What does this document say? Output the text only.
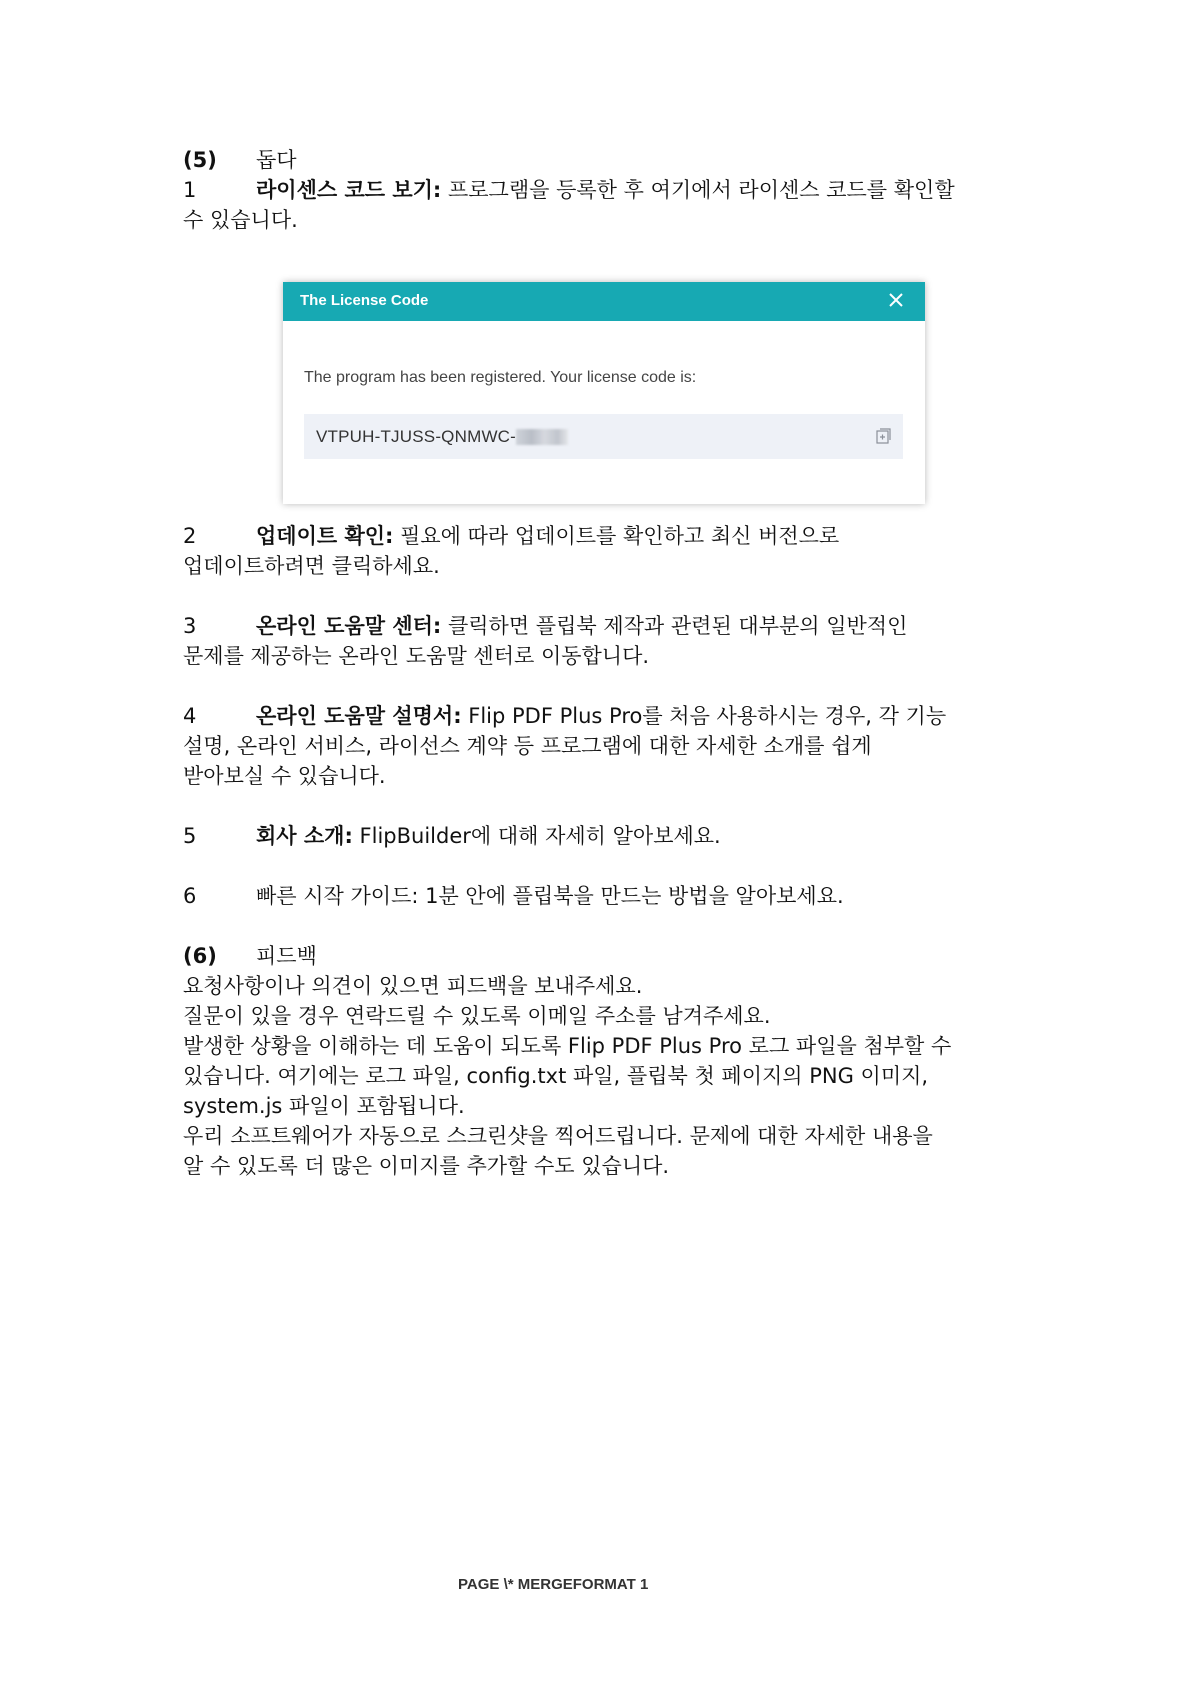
(5) 돕다

1	라이센스 코드 보기: 프로그램을 등록한 후 여기에서 라이센스 코드를 확인할
수 있습니다.

2	업데이트 확인: 필요에 따라 업데이트를 확인하고 최신 버전으로
업데이트하려면 클릭하세요.

3	온라인 도움말 센터: 클릭하면 플립북 제작과 관련된 대부분의 일반적인
문제를 제공하는 온라인 도움말 센터로 이동합니다.

4	온라인 도움말 설명서: Flip PDF Plus Pro를 처음 사용하시는 경우, 각 기능
설명, 온라인 서비스, 라이선스 계약 등 프로그램에 대한 자세한 소개를 쉽게
받아보실 수 있습니다.

5	회사 소개: FlipBuilder에 대해 자세히 알아보세요.

6	빠른 시작 가이드: 1분 안에 플립북을 만드는 방법을 알아보세요.

(6) 피드백

요청사항이나 의견이 있으면 피드백을 보내주세요.
질문이 있을 경우 연락드릴 수 있도록 이메일 주소를 남겨주세요.
발생한 상황을 이해하는 데 도움이 되도록 Flip PDF Plus Pro 로그 파일을 첨부할 수
있습니다. 여기에는 로그 파일, config.txt 파일, 플립북 첫 페이지의 PNG 이미지,
system.js 파일이 포함됩니다.
우리 소프트웨어가 자동으로 스크린샷을 찍어드립니다. 문제에 대한 자세한 내용을
알 수 있도록 더 많은 이미지를 추가할 수도 있습니다.

The License Code
The program has been registered. Your license code is:
VTPUH-TJUSS-QNMWC-
PAGE \* MERGEFORMAT 1
